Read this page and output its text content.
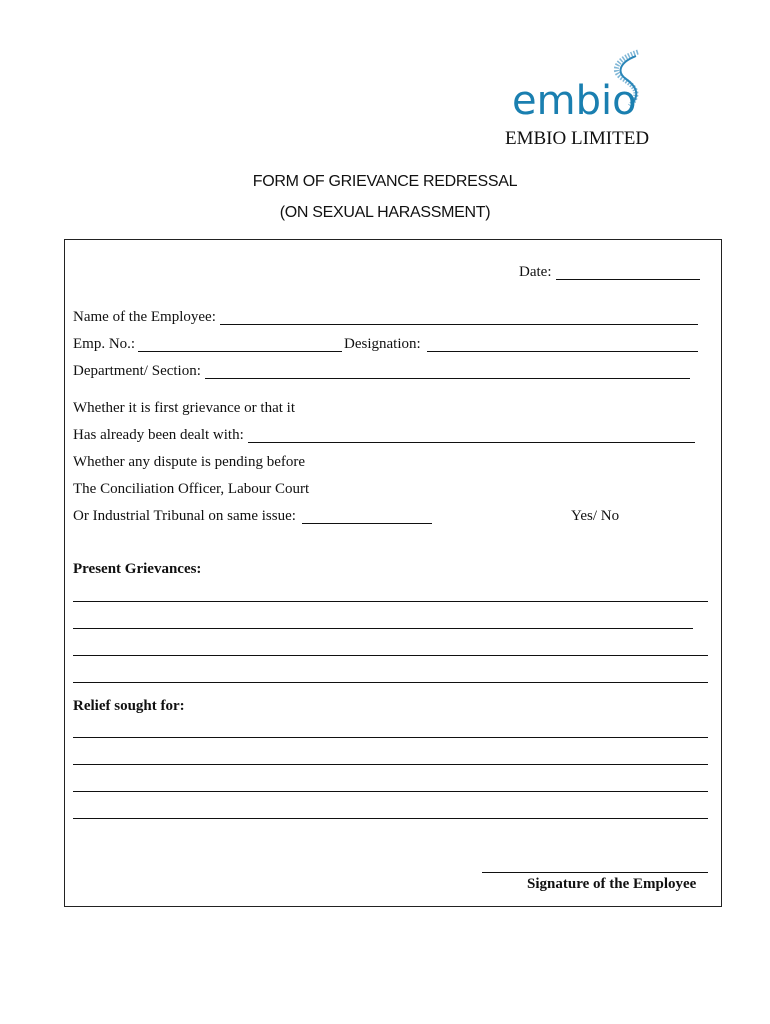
embio
EMBIO LIMITED
FORM OF GRIEVANCE REDRESSAL
(ON SEXUAL HARASSMENT)
Date:
Name of the Employee:
Emp. No.:	Designation:
Department/ Section:
Whether it is first grievance or that it
Has already been dealt with:
Whether any dispute is pending before
The Conciliation Officer, Labour Court
Or Industrial Tribunal on same issue:	Yes/ No
Present Grievances:
Relief sought for:
Signature of the Employee
